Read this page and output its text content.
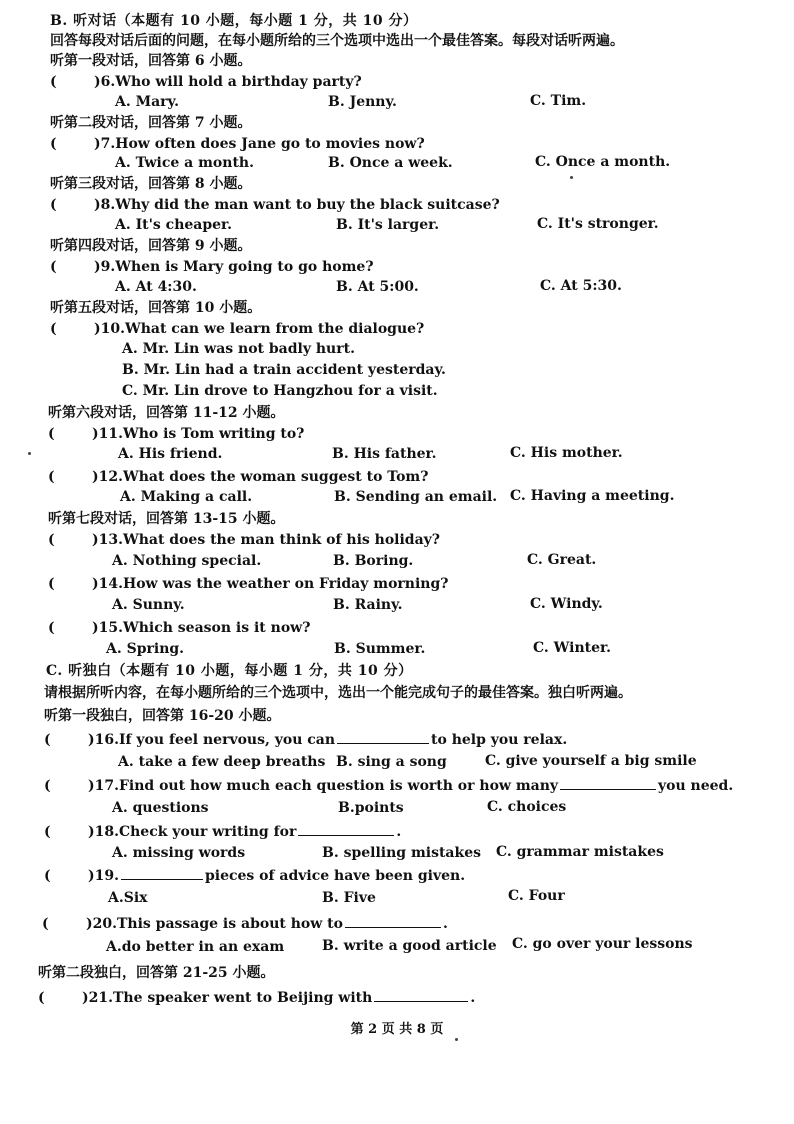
B. 听对话（本题有 10 小题，每小题 1 分，共 10 分）
回答每段对话后面的问题，在每小题所给的三个选项中选出一个最佳答案。每段对话听两遍。
听第一段对话，回答第 6 小题。
(	)6.Who will hold a birthday party?
A. Mary.	B. Jenny.	C. Tim.
听第二段对话，回答第 7 小题。
(	)7.How often does Jane go to movies now?
A. Twice a month.	B. Once a week.	C. Once a month.
听第三段对话，回答第 8 小题。
(	)8.Why did the man want to buy the black suitcase?
A. It's cheaper.	B. It's larger.	C. It's stronger.
听第四段对话，回答第 9 小题。
(	)9.When is Mary going to go home?
A. At 4:30.	B. At 5:00.	C. At 5:30.
听第五段对话，回答第 10 小题。
(	)10.What can we learn from the dialogue?
A. Mr. Lin was not badly hurt.
B. Mr. Lin had a train accident yesterday.
C. Mr. Lin drove to Hangzhou for a visit.
听第六段对话，回答第 11-12 小题。
(	)11.Who is Tom writing to?
A. His friend.	B. His father.	C. His mother.
(	)12.What does the woman suggest to Tom?
A. Making a call.	B. Sending an email. C. Having a meeting.
听第七段对话，回答第 13-15 小题。
(	)13.What does the man think of his holiday?
A. Nothing special.	B. Boring.	C. Great.
(	)14.How was the weather on Friday morning?
A. Sunny.	B. Rainy.	C. Windy.
(	)15.Which season is it now?
A. Spring.	B. Summer.	C. Winter.
C. 听独白（本题有 10 小题，每小题 1 分，共 10 分）
请根据所听内容，在每小题所给的三个选项中，选出一个能完成句子的最佳答案。独白听两遍。
听第一段独白，回答第 16-20 小题。
(	)16.If you feel nervous, you can	to help you relax.
A. take a few deep breaths B. sing a song	C. give yourself a big smile
(	)17.Find out how much each question is worth or how many	you need.
A. questions	B.points	C. choices
(	)18.Check your writing for	.
A. missing words	B. spelling mistakes C. grammar mistakes
(	)19.	pieces of advice have been given.
A.Six	B. Five	C. Four
(	)20.This passage is about how to	.
A.do better in an exam	B. write a good article C. go over your lessons
听第二段独白，回答第 21-25 小题。
(	)21.The speaker went to Beijing with	.
第 2 页 共 8 页
